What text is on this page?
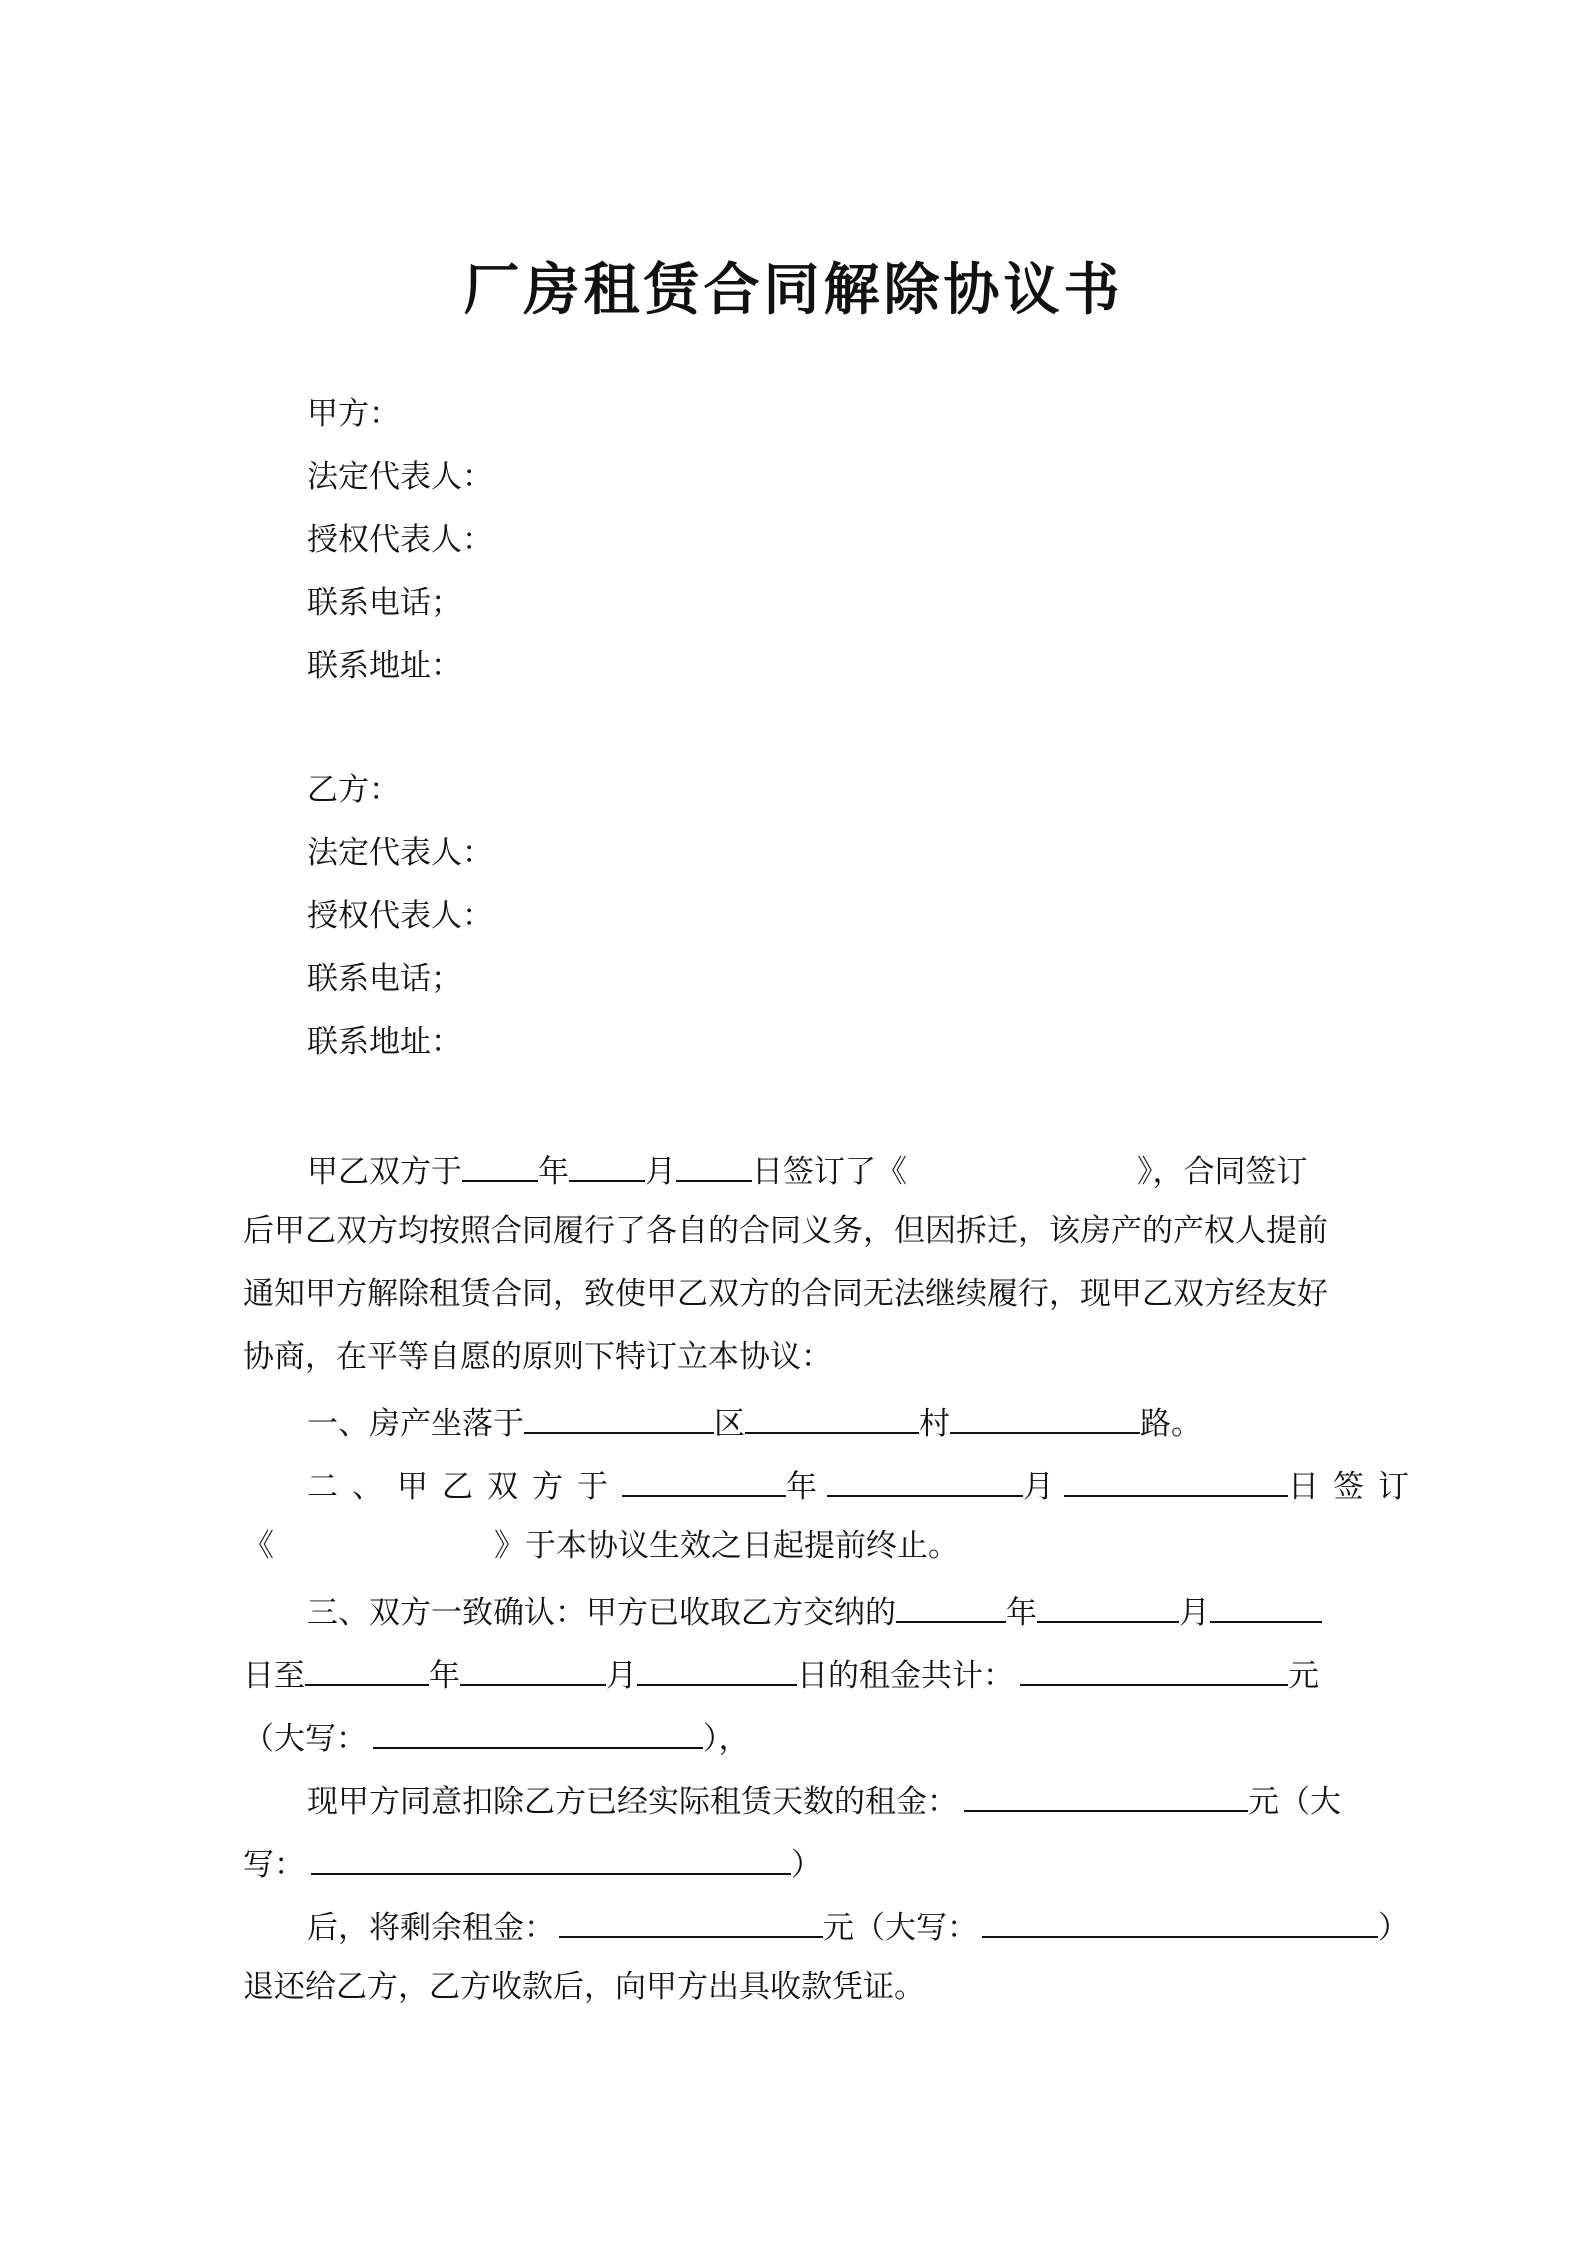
厂房租赁合同解除协议书
甲方：
法定代表人：
授权代表人：
联系电话；
联系地址：
乙方：
法定代表人：
授权代表人：
联系电话；
联系地址：
甲乙双方于 年 月 日签订了《	》，合同签订
后甲乙双方均按照合同履行了各自的合同义务，但因拆迁，该房产的产权人提前
通知甲方解除租赁合同，致使甲乙双方的合同无法继续履行，现甲乙双方经友好
协商，在平等自愿的原则下特订立本协议：
一、房产坐落于	区	村	路。
二、甲乙双方于	年	月	日签订
《	》于本协议生效之日起提前终止。
三、双方一致确认：甲方已收取乙方交纳的	年	月
日至	年	月	日的租金共计：	元
（大写：	），
现甲方同意扣除乙方已经实际租赁天数的租金：	元（大
写：	）
后，将剩余租金：	元（大写：	）
退还给乙方，乙方收款后，向甲方出具收款凭证。
